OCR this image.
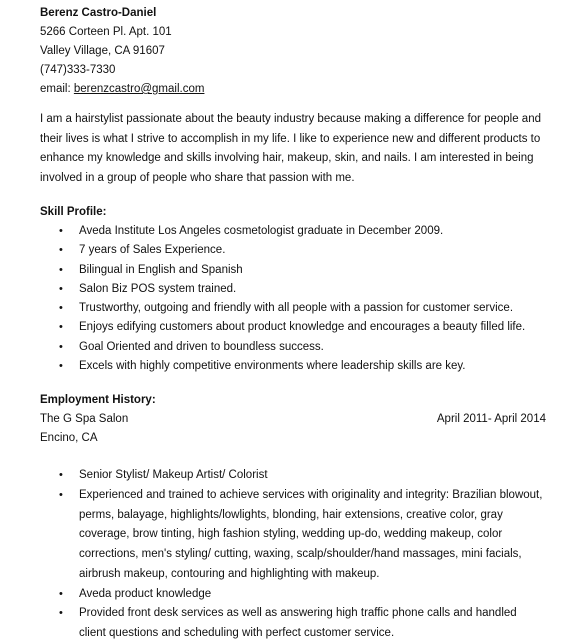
Berenz Castro-Daniel
5266 Corteen Pl. Apt. 101
Valley Village, CA 91607
(747)333-7330
email: berenzcastro@gmail.com
I am a hairstylist passionate about the beauty industry because making a difference for people and their lives is what I strive to accomplish in my life. I like to experience new and different products to enhance my knowledge and skills involving hair, makeup, skin, and nails. I am interested in being involved in a group of people who share that passion with me.
Skill Profile:
• Aveda Institute Los Angeles cosmetologist graduate in December 2009.
• 7 years of Sales Experience.
• Bilingual in English and Spanish
• Salon Biz POS system trained.
• Trustworthy, outgoing and friendly with all people with a passion for customer service.
• Enjoys edifying customers about product knowledge and encourages a beauty filled life.
• Goal Oriented and driven to boundless success.
• Excels with highly competitive environments where leadership skills are key.
Employment History:
The G Spa Salon	April 2011- April 2014
Encino, CA
• Senior Stylist/ Makeup Artist/ Colorist
• Experienced and trained to achieve services with originality and integrity: Brazilian blowout, perms, balayage, highlights/lowlights, blonding, hair extensions, creative color, gray coverage, brow tinting, high fashion styling, wedding up-do, wedding makeup, color corrections, men's styling/ cutting, waxing, scalp/shoulder/hand massages, mini facials, airbrush makeup, contouring and highlighting with makeup.
• Aveda product knowledge
• Provided front desk services as well as answering high traffic phone calls and handled client questions and scheduling with perfect customer service.
